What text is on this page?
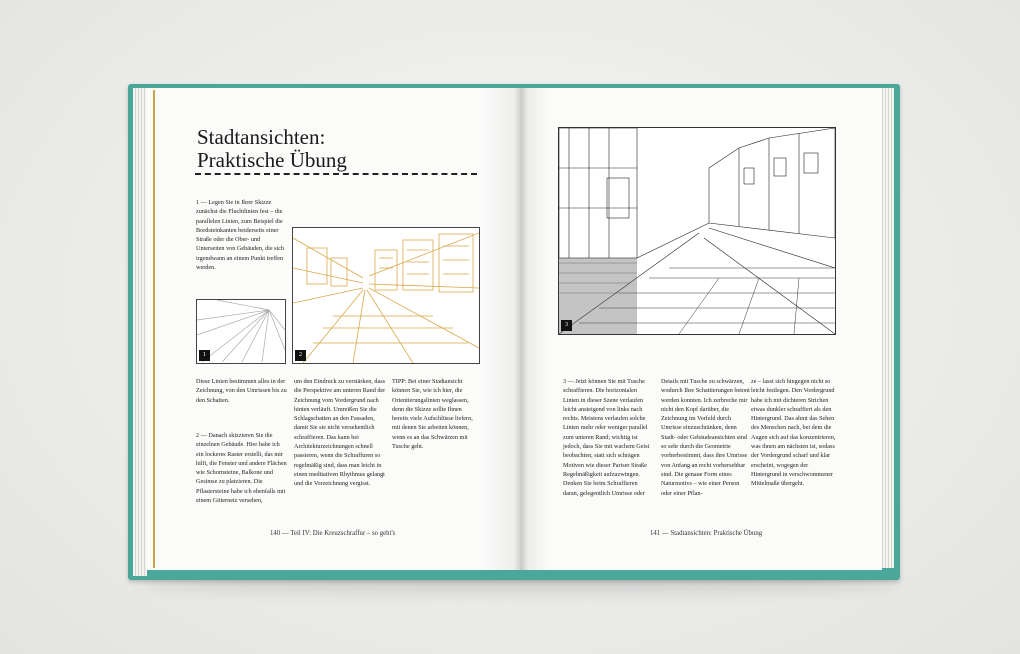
Stadtansichten:
Praktische Übung
1 — Legen Sie in Ihrer Skizze zunächst die Fluchtlinien fest – die parallelen Linien, zum Beispiel die Bordsteinkanten beiderseits einer Straße oder die Ober- und Unterseiten von Gebäuden, die sich irgendwann an einem Punkt treffen werden.
1	2
Diese Linien bestimmen alles in der Zeichnung, von den Umrissen bis zu den Schatten.
2 — Danach skizzieren Sie die einzelnen Gebäude. Hier habe ich ein lockeres Raster erstellt, das mir hilft, die Fenster und andere Flächen wie Schornsteine, Balkone und Gesimse zu platzieren. Die Pflastersteine habe ich ebenfalls mit einem Gitternetz versehen,
um den Eindruck zu verstärken, dass die Perspektive am unteren Rand der Zeichnung vom Vordergrund nach hinten verläuft. Umreißen Sie die Schlagschatten an den Fassaden, damit Sie sie nicht versehentlich schraffieren. Das kann bei Architekturzeichnungen schnell passieren, wenn die Schraffuren so regelmäßig sind, dass man leicht in einen meditativen Rhythmus gelangt und die Vorzeichnung vergisst.
TIPP: Bei einer Stadtansicht können Sie, wie ich hier, die Orientierungslinien weglassen, denn die Skizze sollte Ihnen bereits viele Aufschlüsse liefern, mit denen Sie arbeiten können, wenn es an das Schwärzen mit Tusche geht.
140 — Teil IV: Die Kreuzschraffur – so geht's
3
3 — Jetzt können Sie mit Tusche schraffieren. Die horizontalen Linien in dieser Szene verlaufen leicht ansteigend von links nach rechts. Meistens verlaufen solche Linien mehr oder weniger parallel zum unteren Rand; wichtig ist jedoch, dass Sie mit wachem Geist beobachten, statt sich schrägen Motiven wie dieser Pariser Straße Regelmäßigkeit aufzuzwingen. Denken Sie beim Schraffieren daran, gelegentlich Umrisse oder
Details mit Tusche zu schwärzen, wodurch Ihre Schattierungen betont werden konnten. Ich zerbreche mir nicht den Kopf darüber, die Zeichnung im Vorfeld durch Umrisse einzuschränken, denn Stadt- oder Gebäudeansichten sind so sehr durch die Geometrie vorherbestimmt, dass ihre Umrisse von Anfang an recht vorhersehbar sind. Die genaue Form eines Naturmotivs – wie einer Person oder einer Pflan-
ze – lasst sich hingegen nicht so leicht festlegen. Den Vordergrund habe ich mit dichteren Strichen etwas dunkler schraffiert als den Hintergrund. Das ahmt das Sehen des Menschen nach, bei dem die Augen sich auf das konzentrieren, was ihnen am nächsten ist, sodass der Vordergrund scharf und klar erscheint, wogegen der Hintergrund in verschwommener Mittelmaße übergeht.
141 — Stadtansichten: Praktische Übung
